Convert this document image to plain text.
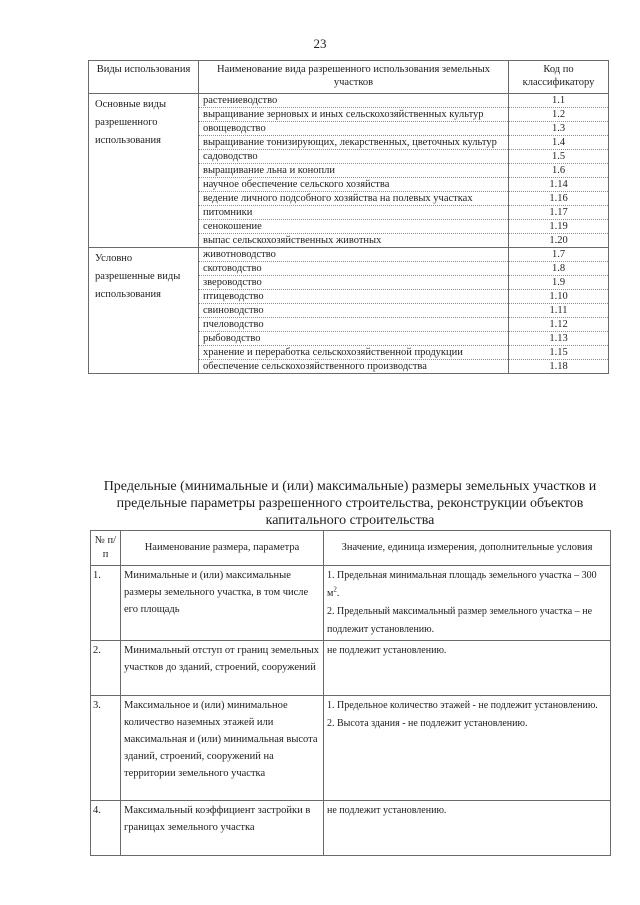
23
Виды использования	Наименование вида разрешенного использования земельных участков	Код по классификатору
Основные виды разрешенного использования	растениеводство	1.1
	выращивание зерновых и иных сельскохозяйственных культур	1.2
	овощеводство	1.3
	выращивание тонизирующих, лекарственных, цветочных культур	1.4
	садоводство	1.5
	выращивание льна и конопли	1.6
	научное обеспечение сельского хозяйства	1.14
	ведение личного подсобного хозяйства на полевых участках	1.16
	питомники	1.17
	сенокошение	1.19
	выпас сельскохозяйственных животных	1.20
Условно разрешенные виды использования	животноводство	1.7
	скотоводство	1.8
	звероводство	1.9
	птицеводство	1.10
	свиноводство	1.11
	пчеловодство	1.12
	рыбоводство	1.13
	хранение и переработка сельскохозяйственной продукции	1.15
	обеспечение сельскохозяйственного производства	1.18
Предельные (минимальные и (или) максимальные) размеры земельных участков и предельные параметры разрешенного строительства, реконструкции объектов капитального строительства
№ п/п	Наименование размера, параметра	Значение, единица измерения, дополнительные условия
1.	Минимальные и (или) максимальные размеры земельного участка, в том числе его площадь	1. Предельная минимальная площадь земельного участка – 300 $м^2$.
2. Предельный максимальный размер земельного участка – не подлежит установлению.

2.	Минимальный отступ от границ земельных участков до зданий, строений, сооружений	не подлежит установлению.
3.	Максимальное и (или) минимальное количество наземных этажей или максимальная и (или) минимальная высота зданий, строений, сооружений на территории земельного участка	1. Предельное количество этажей - не подлежит установлению.
2. Высота здания - не подлежит установлению.

4.	Максимальный коэффициент застройки в границах земельного участка	не подлежит установлению.
